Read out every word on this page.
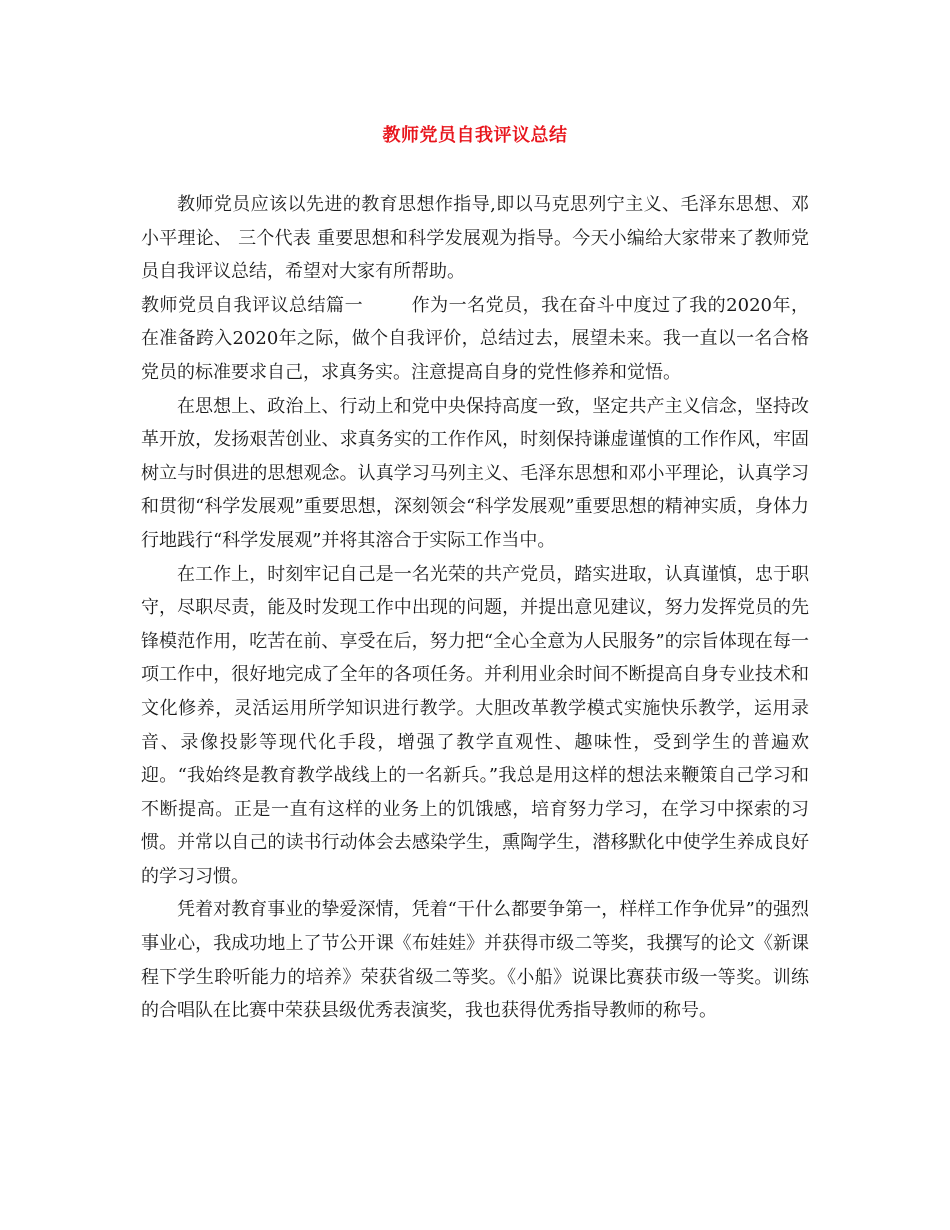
教师党员自我评议总结

教师党员应该以先进的教育思想作指导,即以马克思列宁主义、毛泽东思想、邓小平理论、 三个代表 重要思想和科学发展观为指导。今天小编给大家带来了教师党员自我评议总结，希望对大家有所帮助。

教师党员自我评议总结篇一	作为一名党员，我在奋斗中度过了我的2020年，在准备跨入2020年之际，做个自我评价，总结过去，展望未来。我一直以一名合格党员的标准要求自己，求真务实。注意提高自身的党性修养和觉悟。

在思想上、政治上、行动上和党中央保持高度一致，坚定共产主义信念，坚持改革开放，发扬艰苦创业、求真务实的工作作风，时刻保持谦虚谨慎的工作作风，牢固树立与时俱进的思想观念。认真学习马列主义、毛泽东思想和邓小平理论，认真学习和贯彻“科学发展观”重要思想，深刻领会“科学发展观”重要思想的精神实质，身体力行地践行“科学发展观”并将其溶合于实际工作当中。

在工作上，时刻牢记自己是一名光荣的共产党员，踏实进取，认真谨慎，忠于职守，尽职尽责，能及时发现工作中出现的问题，并提出意见建议，努力发挥党员的先锋模范作用，吃苦在前、享受在后，努力把“全心全意为人民服务”的宗旨体现在每一项工作中，很好地完成了全年的各项任务。并利用业余时间不断提高自身专业技术和文化修养，灵活运用所学知识进行教学。大胆改革教学模式实施快乐教学，运用录音、录像投影等现代化手段，增强了教学直观性、趣味性，受到学生的普遍欢迎。“我始终是教育教学战线上的一名新兵。”我总是用这样的想法来鞭策自己学习和不断提高。正是一直有这样的业务上的饥饿感，培育努力学习，在学习中探索的习惯。并常以自己的读书行动体会去感染学生，熏陶学生，潜移默化中使学生养成良好的学习习惯。

凭着对教育事业的挚爱深情，凭着“干什么都要争第一，样样工作争优异”的强烈事业心，我成功地上了节公开课《布娃娃》并获得市级二等奖，我撰写的论文《新课程下学生聆听能力的培养》荣获省级二等奖。《小船》说课比赛获市级一等奖。训练的合唱队在比赛中荣获县级优秀表演奖，我也获得优秀指导教师的称号。
